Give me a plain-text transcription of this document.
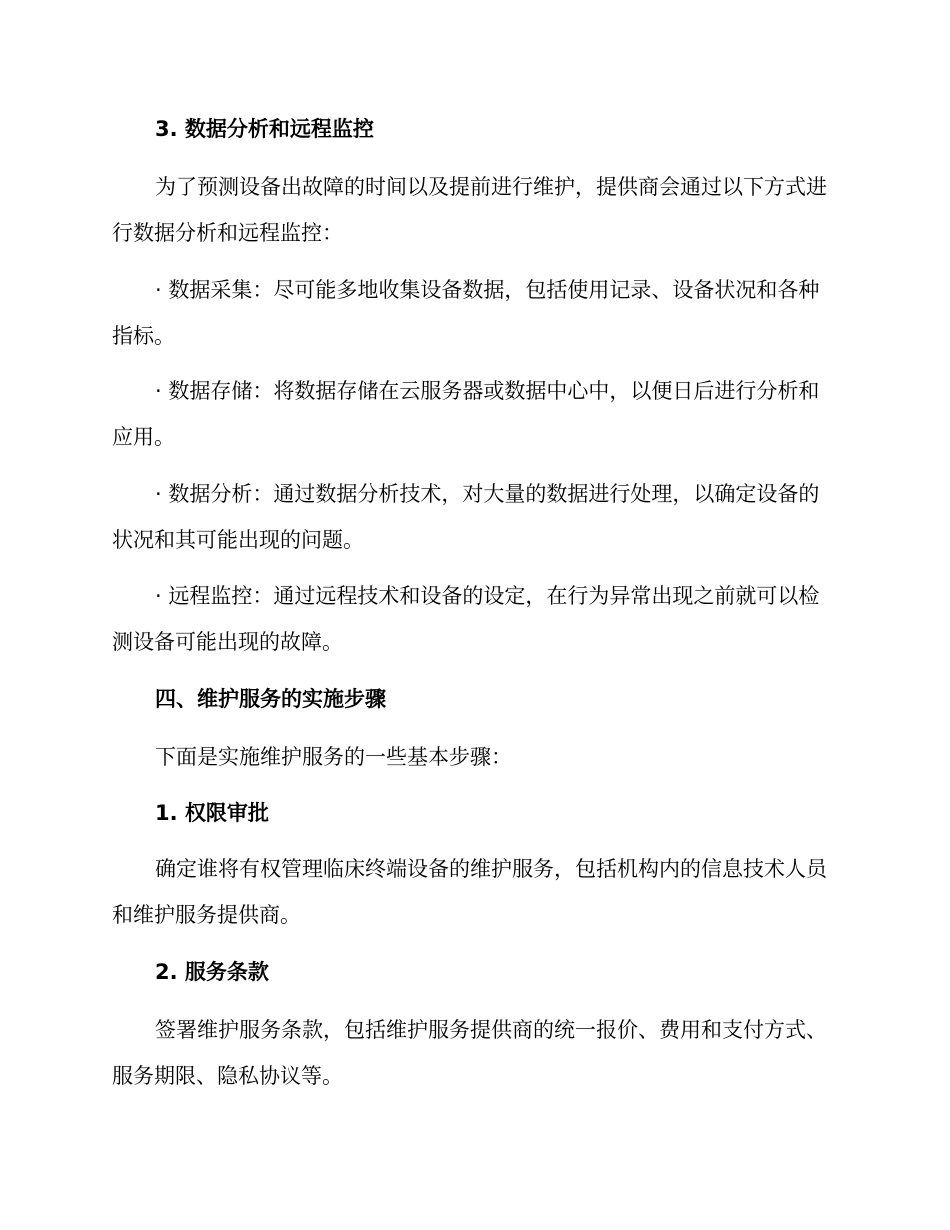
3. 数据分析和远程监控

为了预测设备出故障的时间以及提前进行维护，提供商会通过以下方式进行数据分析和远程监控：

· 数据采集：尽可能多地收集设备数据，包括使用记录、设备状况和各种指标。

· 数据存储：将数据存储在云服务器或数据中心中，以便日后进行分析和应用。

· 数据分析：通过数据分析技术，对大量的数据进行处理，以确定设备的状况和其可能出现的问题。

· 远程监控：通过远程技术和设备的设定，在行为异常出现之前就可以检测设备可能出现的故障。

四、维护服务的实施步骤

下面是实施维护服务的一些基本步骤：

1. 权限审批

确定谁将有权管理临床终端设备的维护服务，包括机构内的信息技术人员和维护服务提供商。

2. 服务条款

签署维护服务条款，包括维护服务提供商的统一报价、费用和支付方式、服务期限、隐私协议等。
